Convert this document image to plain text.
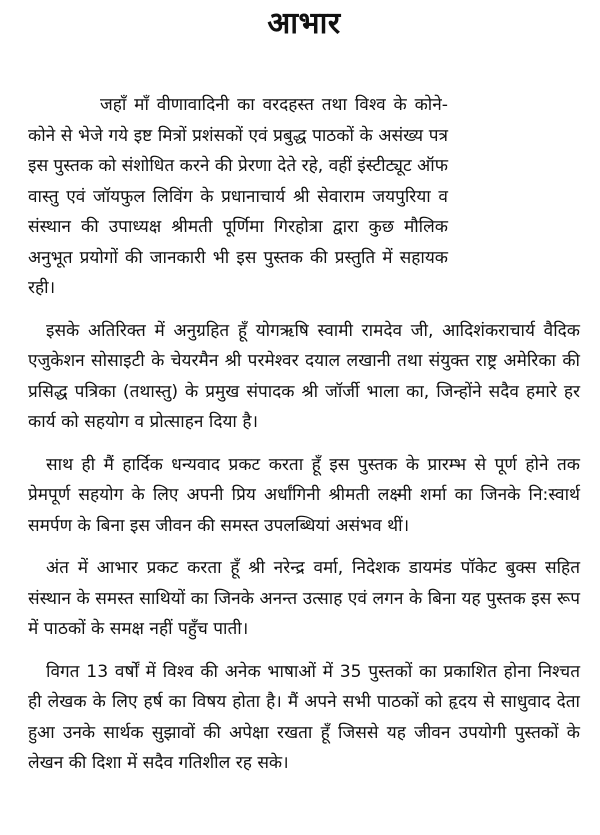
आभार

जहाँ माँ वीणावादिनी का वरदहस्त तथा विश्व के कोने-कोने से भेजे गये इष्ट मित्रों प्रशंसकों एवं प्रबुद्ध पाठकों के असंख्य पत्र इस पुस्तक को संशोधित करने की प्रेरणा देते रहे, वहीं इंस्टीट्यूट ऑफ वास्तु एवं जॉयफुल लिविंग के प्रधानाचार्य श्री सेवाराम जयपुरिया व संस्थान की उपाध्यक्ष श्रीमती पूर्णिमा गिरहोत्रा द्वारा कुछ मौलिक अनुभूत प्रयोगों की जानकारी भी इस पुस्तक की प्रस्तुति में सहायक रही।

इसके अतिरिक्त में अनुग्रहित हूँ योगऋषि स्वामी रामदेव जी, आदिशंकराचार्य वैदिक एजुकेशन सोसाइटी के चेयरमैन श्री परमेश्वर दयाल लखानी तथा संयुक्त राष्ट्र अमेरिका की प्रसिद्ध पत्रिका (तथास्तु) के प्रमुख संपादक श्री जॉर्जी भाला का, जिन्होंने सदैव हमारे हर कार्य को सहयोग व प्रोत्साहन दिया है।

साथ ही मैं हार्दिक धन्यवाद प्रकट करता हूँ इस पुस्तक के प्रारम्भ से पूर्ण होने तक प्रेमपूर्ण सहयोग के लिए अपनी प्रिय अर्धांगिनी श्रीमती लक्ष्मी शर्मा का जिनके नि:स्वार्थ समर्पण के बिना इस जीवन की समस्त उपलब्धियां असंभव थीं।

अंत में आभार प्रकट करता हूँ श्री नरेन्द्र वर्मा, निदेशक डायमंड पॉकेट बुक्स सहित संस्थान के समस्त साथियों का जिनके अनन्त उत्साह एवं लगन के बिना यह पुस्तक इस रूप में पाठकों के समक्ष नहीं पहुँच पाती।

विगत 13 वर्षों में विश्व की अनेक भाषाओं में 35 पुस्तकों का प्रकाशित होना निश्चत ही लेखक के लिए हर्ष का विषय होता है। मैं अपने सभी पाठकों को हृदय से साधुवाद देता हुआ उनके सार्थक सुझावों की अपेक्षा रखता हूँ जिससे यह जीवन उपयोगी पुस्तकों के लेखन की दिशा में सदैव गतिशील रह सके।
